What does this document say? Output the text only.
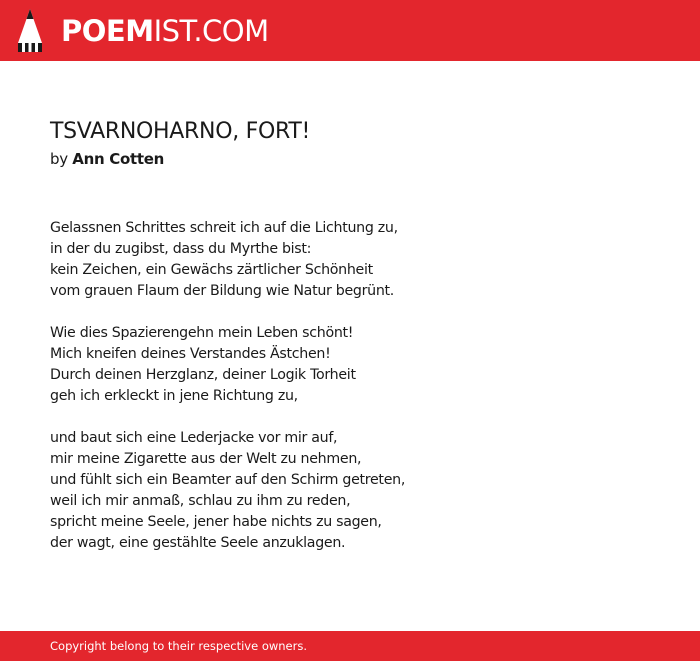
POEMIST.COM
TSVARNOHARNO, FORT!

by Ann Cotten

Gelassnen Schrittes schreit ich auf die Lichtung zu,
in der du zugibst, dass du Myrthe bist:
kein Zeichen, ein Gewächs zärtlicher Schönheit
vom grauen Flaum der Bildung wie Natur begrünt.
Wie dies Spazierengehn mein Leben schönt!
Mich kneifen deines Verstandes Ästchen!
Durch deinen Herzglanz, deiner Logik Torheit
geh ich erkleckt in jene Richtung zu,
und baut sich eine Lederjacke vor mir auf,
mir meine Zigarette aus der Welt zu nehmen,
und fühlt sich ein Beamter auf den Schirm getreten,
weil ich mir anmaß, schlau zu ihm zu reden,
spricht meine Seele, jener habe nichts zu sagen,
der wagt, eine gestählte Seele anzuklagen.
Copyright belong to their respective owners.
